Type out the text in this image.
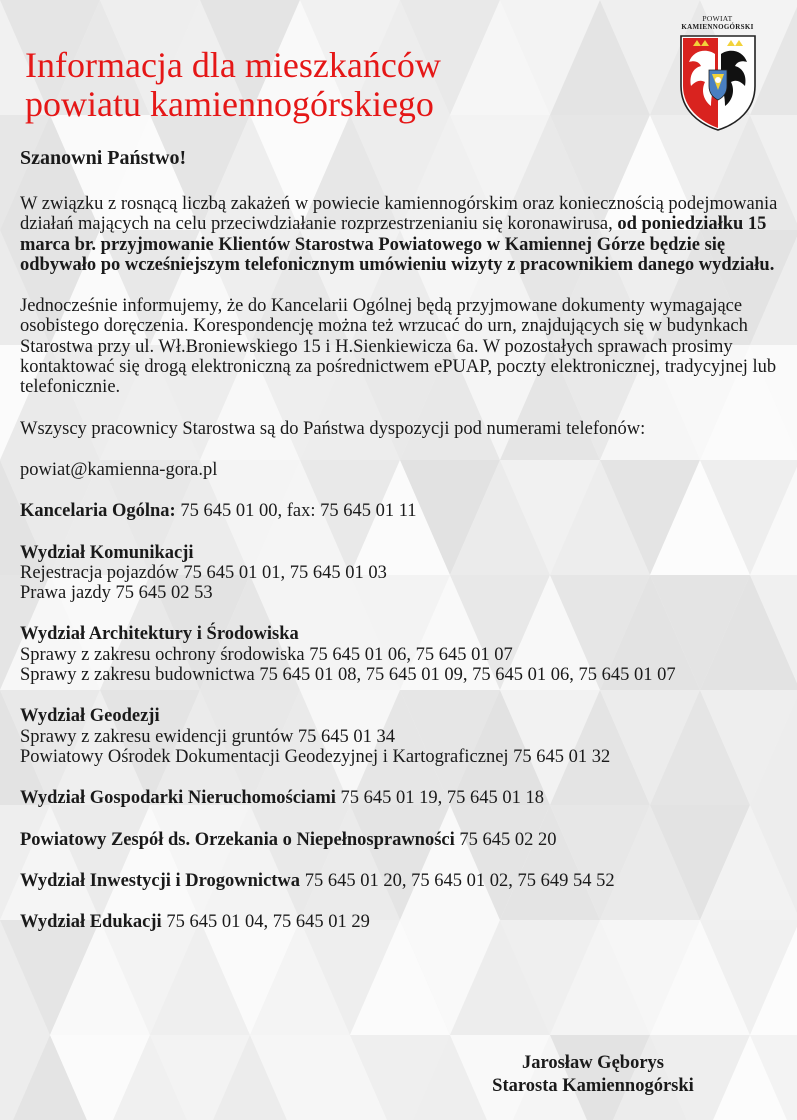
Informacja dla mieszkańców
powiatu kamiennogórskiego
POWIAT
KAMIENNOGÓRSKI

Szanowni Państwo!

W związku z rosnącą liczbą zakażeń w powiecie kamiennogórskim oraz koniecznością podejmowania działań mających na celu przeciwdziałanie rozprzestrzenianiu się koronawirusa, od poniedziałku 15 marca br. przyjmowanie Klientów Starostwa Powiatowego w Kamiennej Górze będzie się odbywało po wcześniejszym telefonicznym umówieniu wizyty z pracownikiem danego wydziału.

Jednocześnie informujemy, że do Kancelarii Ogólnej będą przyjmowane dokumenty wymagające osobistego doręczenia. Korespondencję można też wrzucać do urn, znajdujących się w budynkach Starostwa przy ul. Wł.Broniewskiego 15 i H.Sienkiewicza 6a. W pozostałych sprawach prosimy kontaktować się drogą elektroniczną za pośrednictwem ePUAP, poczty elektronicznej, tradycyjnej lub telefonicznie.

Wszyscy pracownicy Starostwa są do Państwa dyspozycji pod numerami telefonów:

powiat@kamienna-gora.pl

Kancelaria Ogólna: 75 645 01 00, fax: 75 645 01 11

Wydział Komunikacji

Rejestracja pojazdów 75 645 01 01, 75 645 01 03

Prawa jazdy 75 645 02 53

Wydział Architektury i Środowiska

Sprawy z zakresu ochrony środowiska 75 645 01 06, 75 645 01 07

Sprawy z zakresu budownictwa 75 645 01 08, 75 645 01 09, 75 645 01 06, 75 645 01 07

Wydział Geodezji

Sprawy z zakresu ewidencji gruntów 75 645 01 34

Powiatowy Ośrodek Dokumentacji Geodezyjnej i Kartograficznej 75 645 01 32

Wydział Gospodarki Nieruchomościami 75 645 01 19, 75 645 01 18

Powiatowy Zespół ds. Orzekania o Niepełnosprawności 75 645 02 20

Wydział Inwestycji i Drogownictwa 75 645 01 20, 75 645 01 02, 75 649 54 52

Wydział Edukacji 75 645 01 04, 75 645 01 29

Jarosław Gęborys
Starosta Kamiennogórski
